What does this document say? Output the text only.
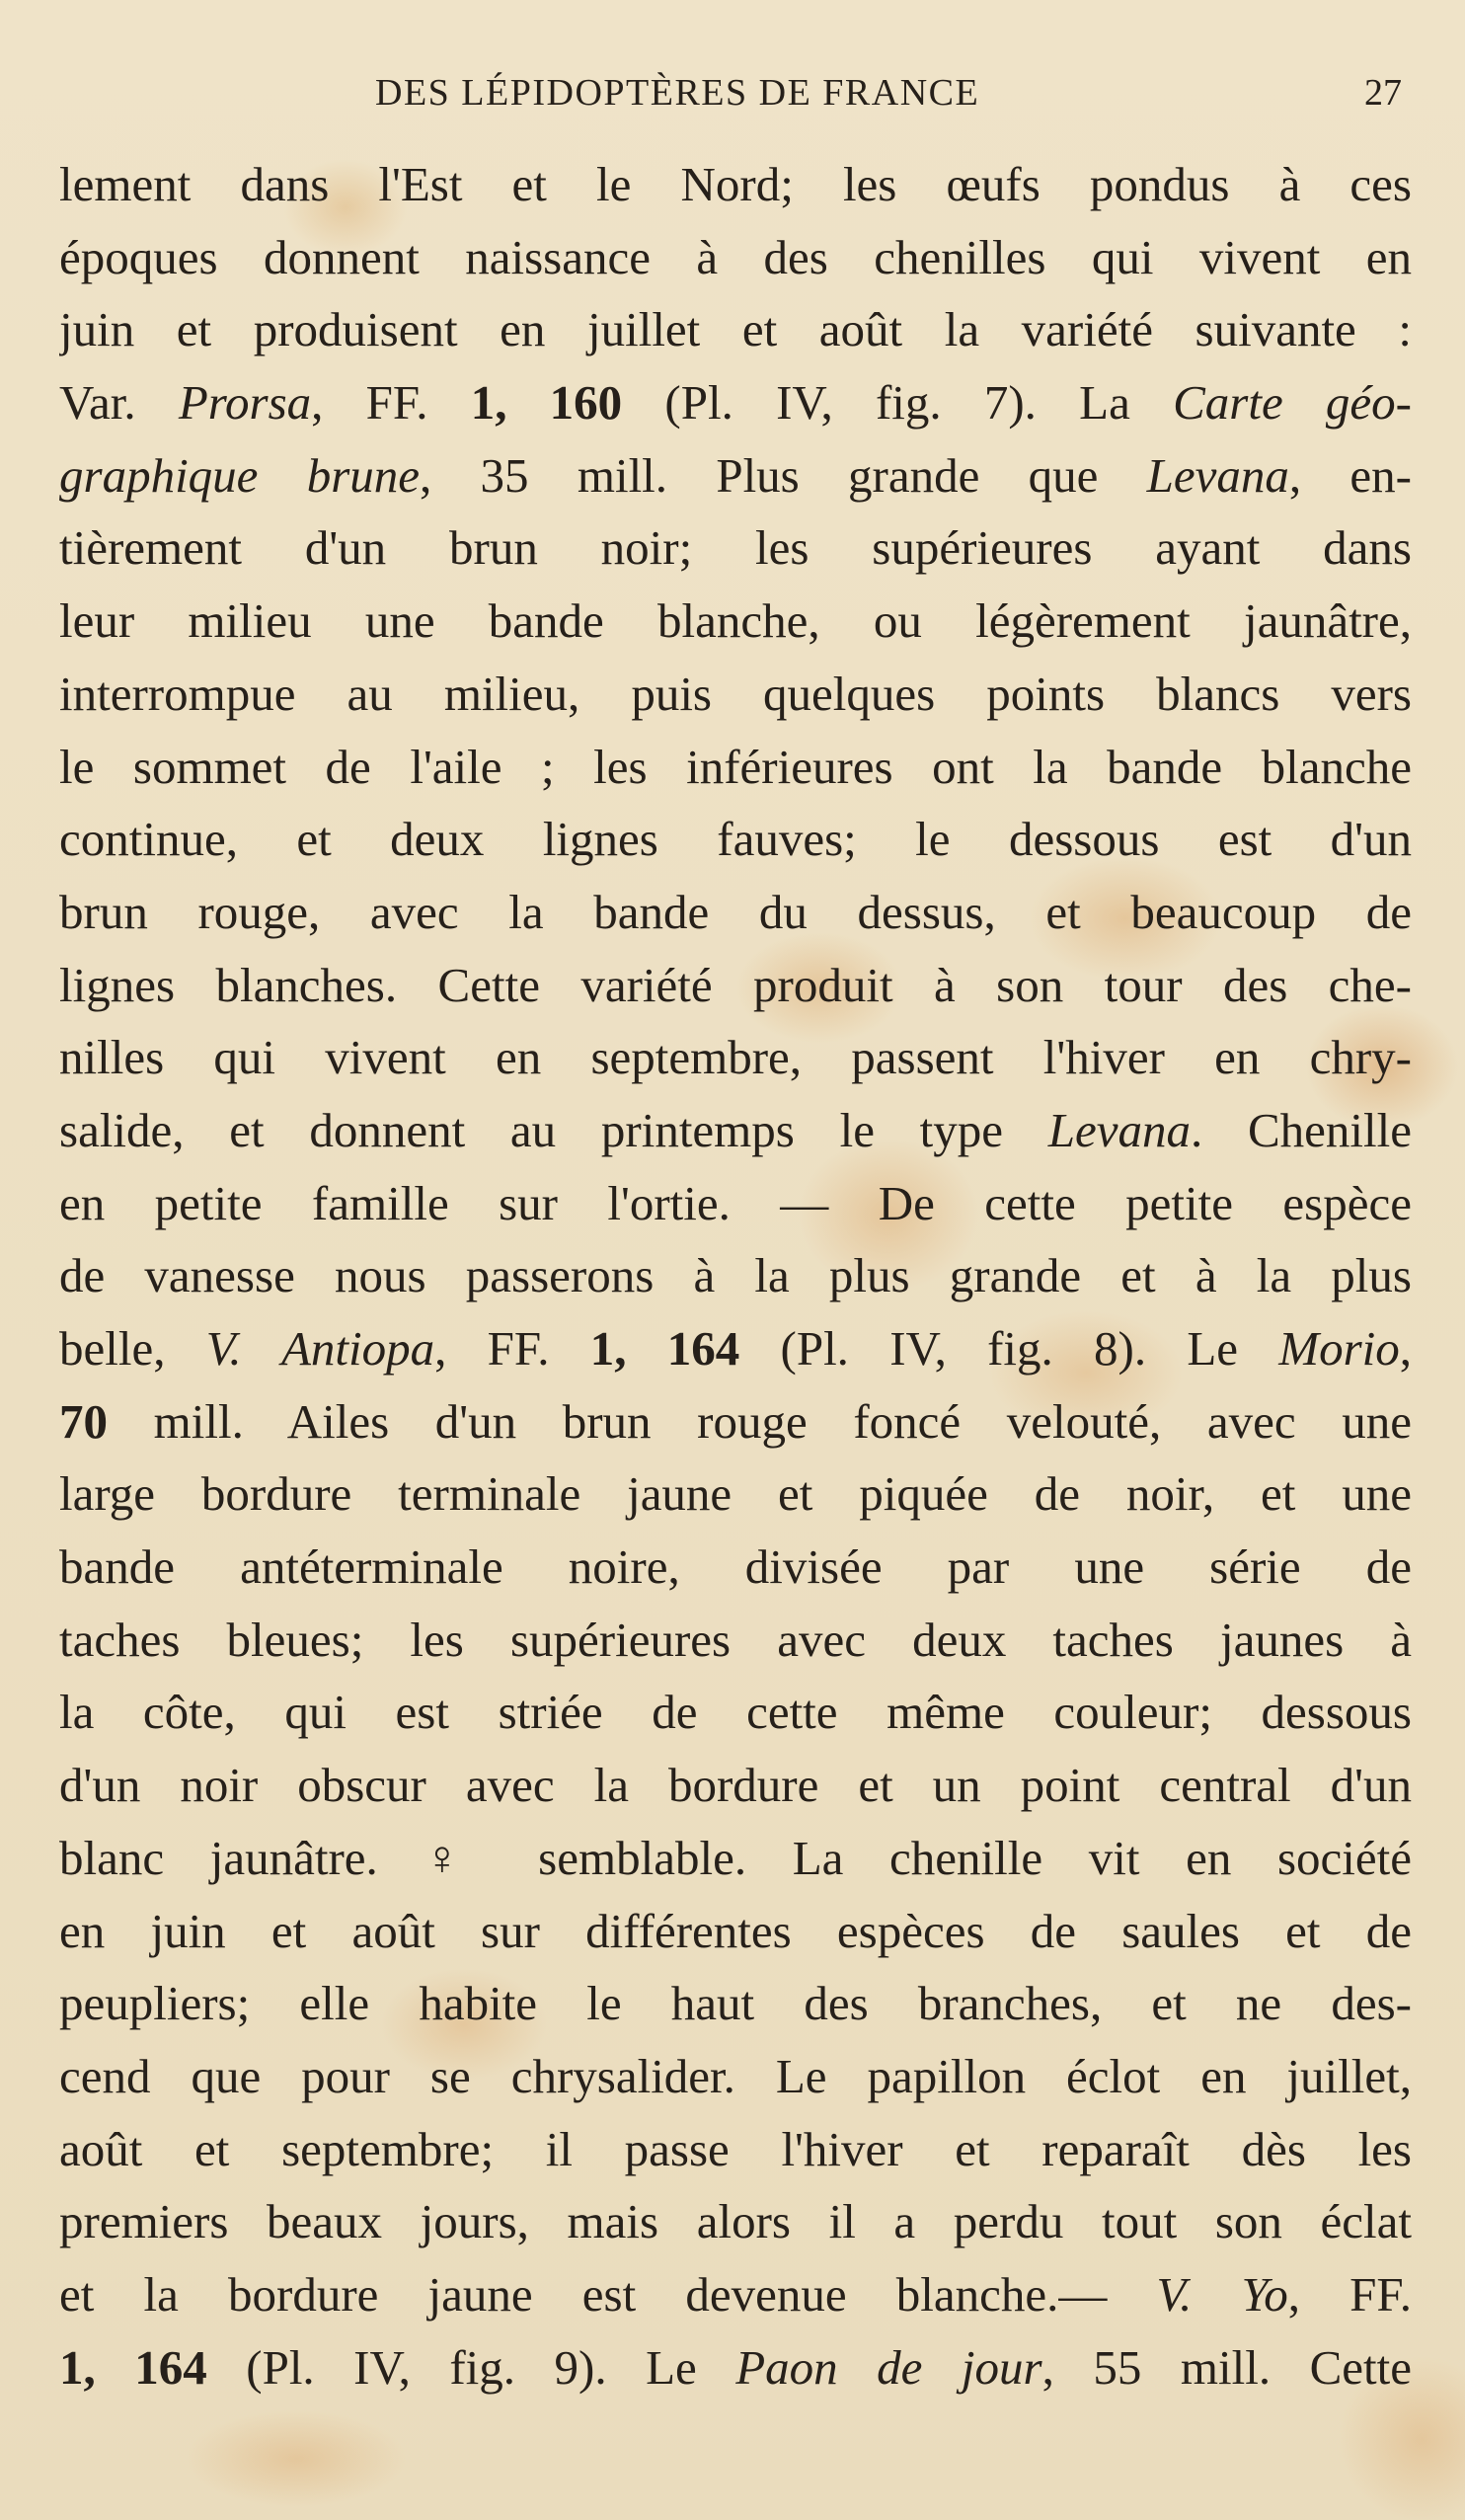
DES LÉPIDOPTÈRES DE FRANCE	27
lement dans l'Est et le Nord; les œufs pondus à ces
époques donnent naissance à des chenilles qui vivent en
juin et produisent en juillet et août la variété suivante :
Var. Prorsa, FF. 1, 160 (Pl. IV, fig. 7). La Carte géo-
graphique brune, 35 mill. Plus grande que Levana, en-
tièrement d'un brun noir; les supérieures ayant dans
leur milieu une bande blanche, ou légèrement jaunâtre,
interrompue au milieu, puis quelques points blancs vers
le sommet de l'aile ; les inférieures ont la bande blanche
continue, et deux lignes fauves; le dessous est d'un
brun rouge, avec la bande du dessus, et beaucoup de
lignes blanches. Cette variété produit à son tour des che-
nilles qui vivent en septembre, passent l'hiver en chry-
salide, et donnent au printemps le type Levana. Chenille
en petite famille sur l'ortie. — De cette petite espèce
de vanesse nous passerons à la plus grande et à la plus
belle, V. Antiopa, FF. 1, 164 (Pl. IV, fig. 8). Le Morio,
70 mill. Ailes d'un brun rouge foncé velouté, avec une
large bordure terminale jaune et piquée de noir, et une
bande antéterminale noire, divisée par une série de
taches bleues; les supérieures avec deux taches jaunes à
la côte, qui est striée de cette même couleur; dessous
d'un noir obscur avec la bordure et un point central d'un
blanc jaunâtre. ♀ semblable. La chenille vit en société
en juin et août sur différentes espèces de saules et de
peupliers; elle habite le haut des branches, et ne des-
cend que pour se chrysalider. Le papillon éclot en juillet,
août et septembre; il passe l'hiver et reparaît dès les
premiers beaux jours, mais alors il a perdu tout son éclat
et la bordure jaune est devenue blanche.— V. Yo, FF.
1, 164 (Pl. IV, fig. 9). Le Paon de jour, 55 mill. Cette
